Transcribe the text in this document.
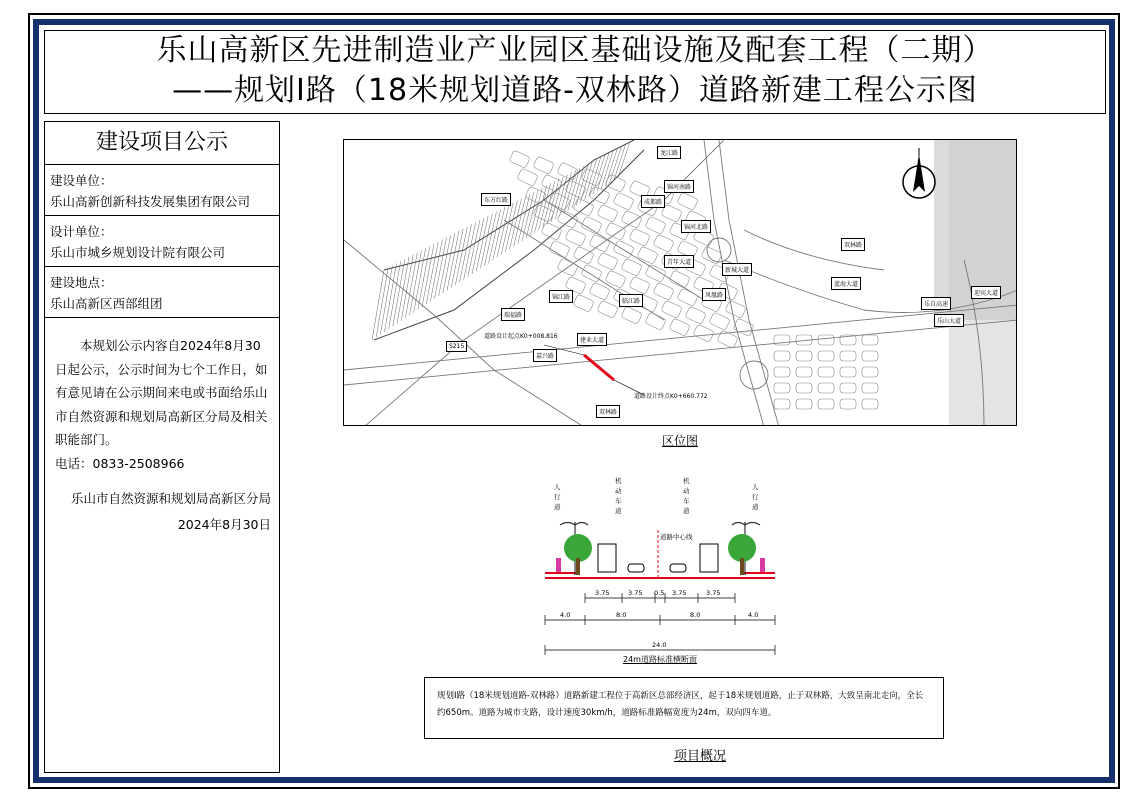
乐山高新区先进制造业产业园区基础设施及配套工程（二期）
——规划I路（18米规划道路-双林路）道路新建工程公示图
建设项目公示
建设单位：
乐山高新创新科技发展集团有限公司
设计单位：
乐山市城乡规划设计院有限公司
建设地点：
乐山高新区西部组团
本规划公示内容自2024年8月30日起公示，公示时间为七个工作日，如有意见请在公示期间来电或书面给乐山市自然资源和规划局高新区分局及相关职能部门。
电话：0833-2508966
乐山市自然资源和规划局高新区分局
2024年8月30日
龙江路
锦河南路
成都路
双林路
蓝海大道
乐自高速
迎宾大道
东方红路
S215
瑞福路
锦江路
临江路
青年大道
新城大道
建业大道
嘉兴路
双林路
凤凰路
锦河北路
乐山大道
道路设计起点K0+008.816
道路设计终点K0+660.772
区位图
人行道
人行道
机动车道
机动车道
道路中心线
3.75	3.75 0.5 3.75	3.75
4.0	8.0	8.0	4.0
24.0
24m道路标准横断面
规划I路（18米规划道路-双林路）道路新建工程位于高新区总部经济区，起于18米规划道路，止于双林路，大致呈南北走向，全长约650m。道路为城市支路，设计速度30km/h，道路标准路幅宽度为24m，双向四车道。
项目概况
